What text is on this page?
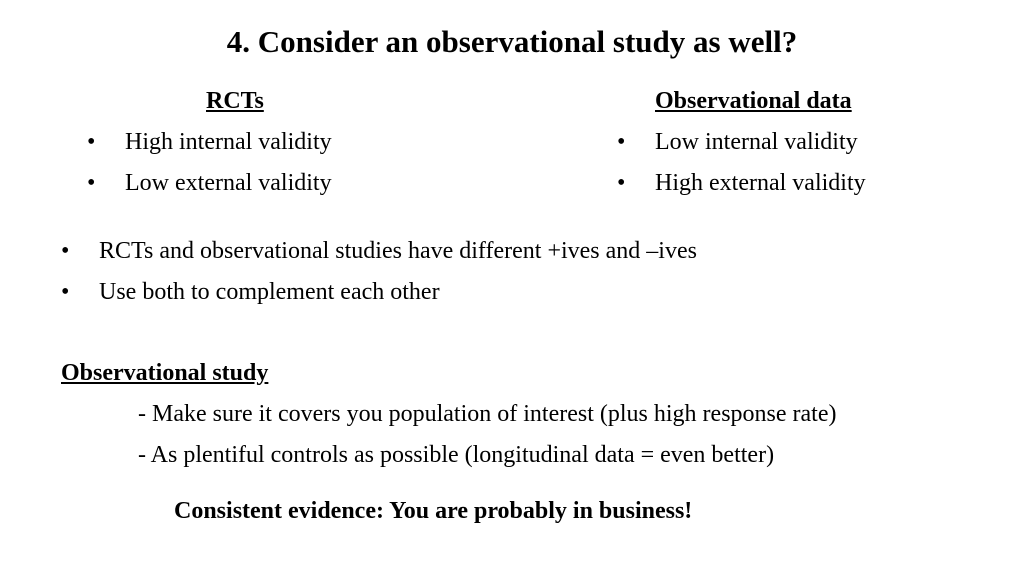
4. Consider an observational study as well?
RCTs
• High internal validity
• Low external validity
Observational data
• Low internal validity
• High external validity
• RCTs and observational studies have different +ives and –ives
• Use both to complement each other
Observational study
- Make sure it covers you population of interest (plus high response rate)
- As plentiful controls as possible (longitudinal data = even better)
Consistent evidence: You are probably in business!
